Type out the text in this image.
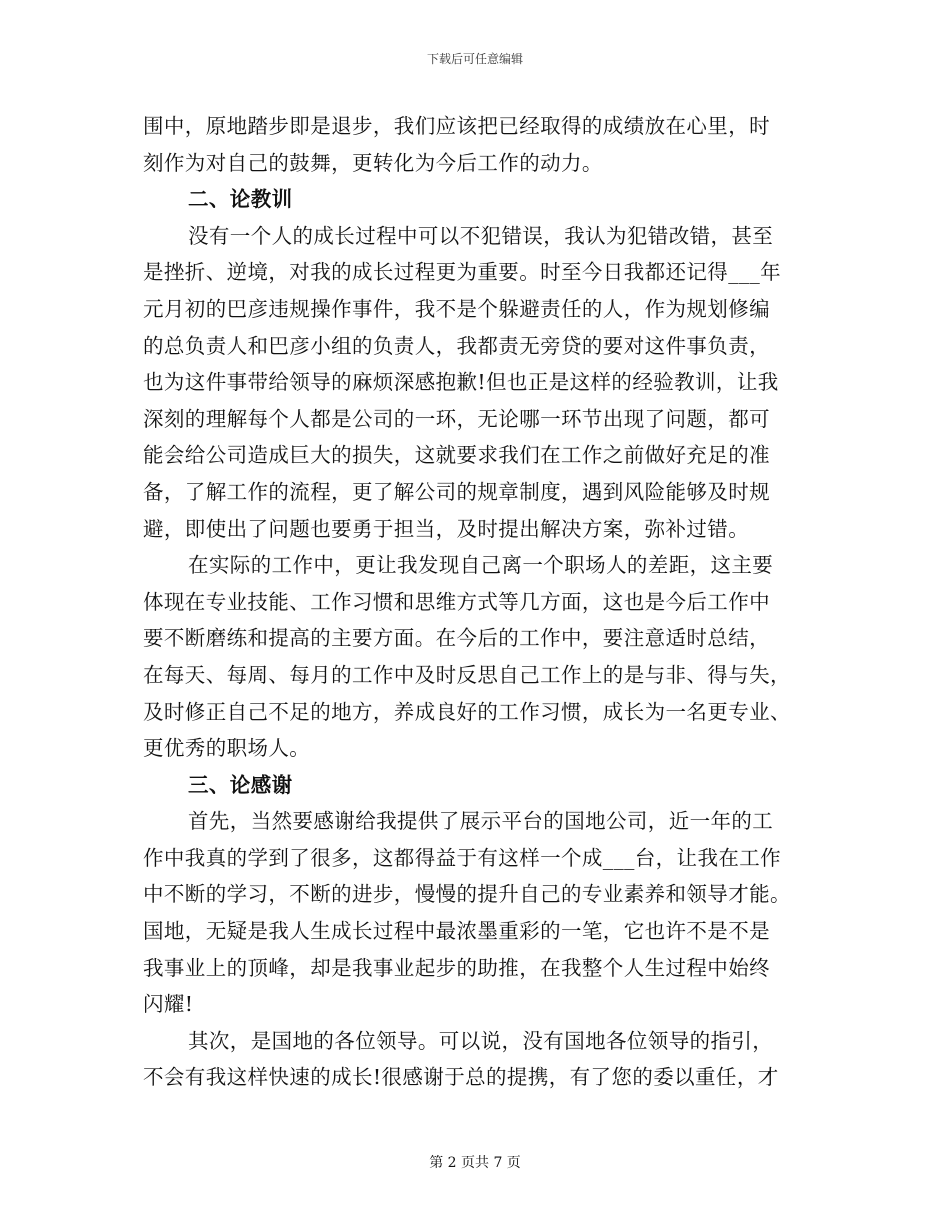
下载后可任意编辑
围中，原地踏步即是退步，我们应该把已经取得的成绩放在心里，时
刻作为对自己的鼓舞，更转化为今后工作的动力。
二、论教训
没有一个人的成长过程中可以不犯错误，我认为犯错改错，甚至
是挫折、逆境，对我的成长过程更为重要。时至今日我都还记得___年
元月初的巴彦违规操作事件，我不是个躲避责任的人，作为规划修编
的总负责人和巴彦小组的负责人，我都责无旁贷的要对这件事负责，
也为这件事带给领导的麻烦深感抱歉!但也正是这样的经验教训，让我
深刻的理解每个人都是公司的一环，无论哪一环节出现了问题，都可
能会给公司造成巨大的损失，这就要求我们在工作之前做好充足的准
备，了解工作的流程，更了解公司的规章制度，遇到风险能够及时规
避，即使出了问题也要勇于担当，及时提出解决方案，弥补过错。
在实际的工作中，更让我发现自己离一个职场人的差距，这主要
体现在专业技能、工作习惯和思维方式等几方面，这也是今后工作中
要不断磨练和提高的主要方面。在今后的工作中，要注意适时总结，
在每天、每周、每月的工作中及时反思自己工作上的是与非、得与失，
及时修正自己不足的地方，养成良好的工作习惯，成长为一名更专业、
更优秀的职场人。
三、论感谢
首先，当然要感谢给我提供了展示平台的国地公司，近一年的工
作中我真的学到了很多，这都得益于有这样一个成___台，让我在工作
中不断的学习，不断的进步，慢慢的提升自己的专业素养和领导才能。
国地，无疑是我人生成长过程中最浓墨重彩的一笔，它也许不是不是
我事业上的顶峰，却是我事业起步的助推，在我整个人生过程中始终
闪耀!
其次，是国地的各位领导。可以说，没有国地各位领导的指引，
不会有我这样快速的成长!很感谢于总的提携，有了您的委以重任，才
第 2 页共 7 页
